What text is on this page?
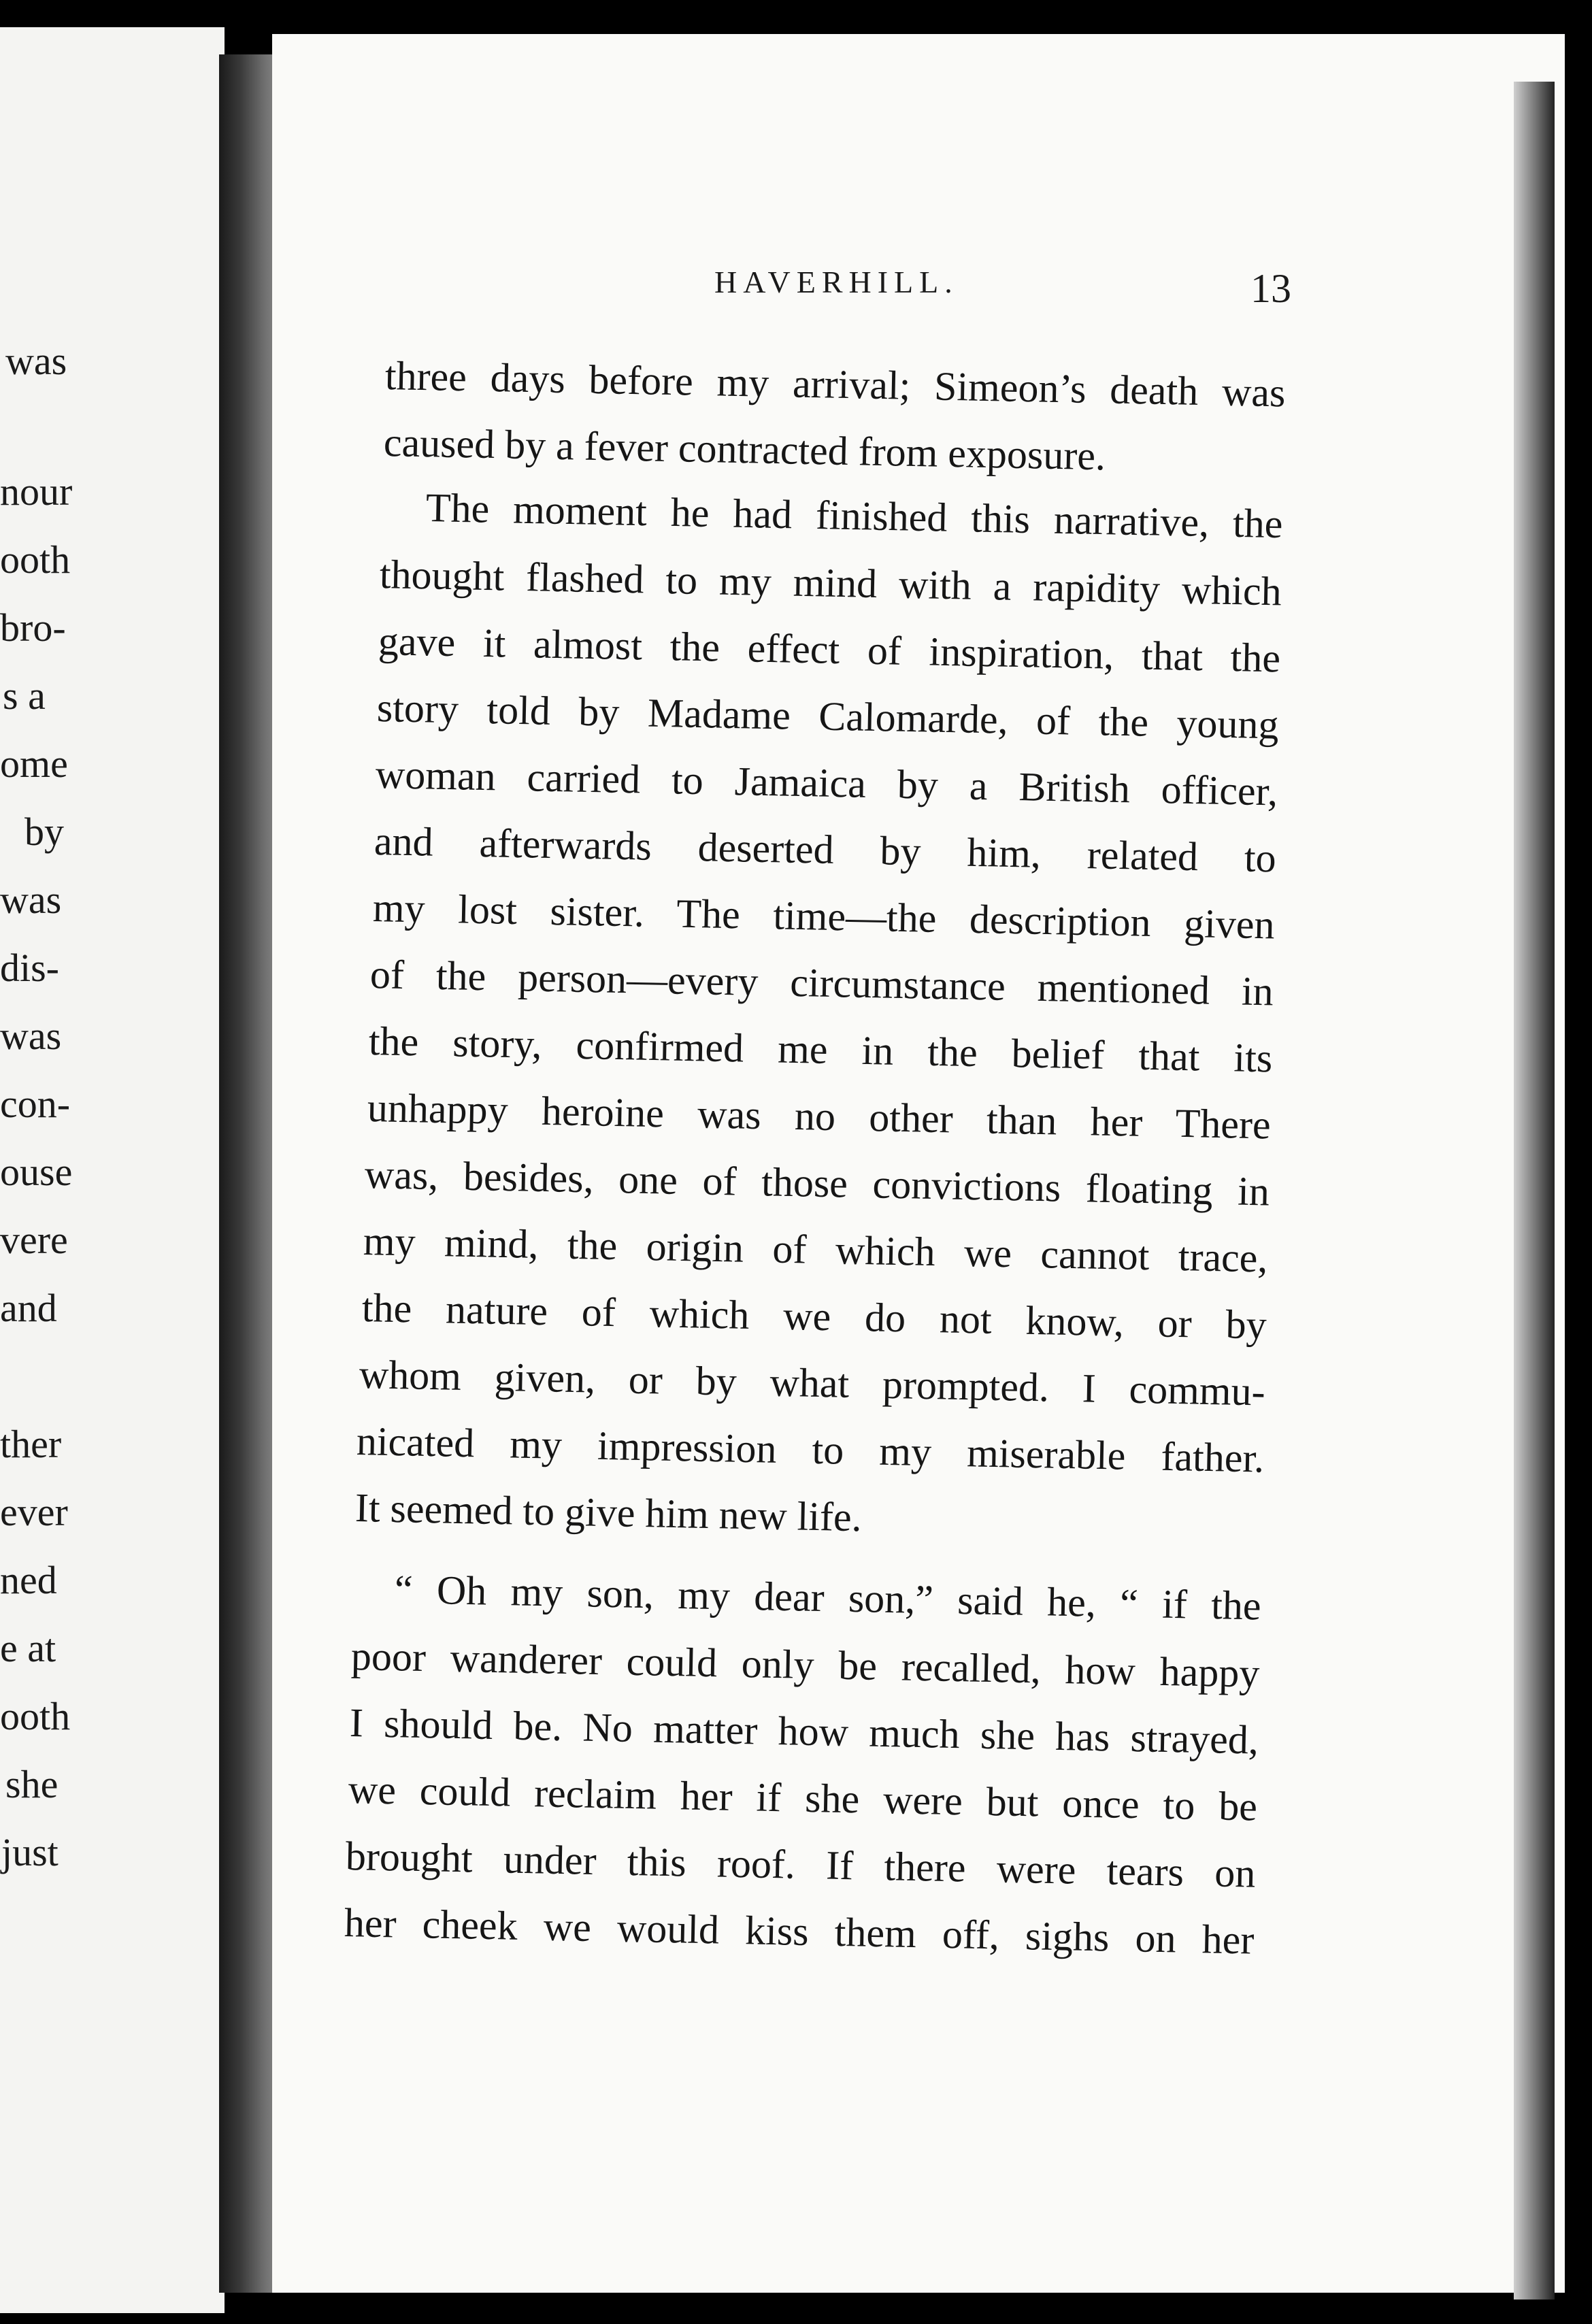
was
nour
ooth
bro-
s a
ome
by
was
dis-
was
con-
ouse
vere
and
ther
ever
ned
e at
ooth
she
just
HAVERHILL.	13
three days before my arrival; Simeon’s death was
caused by a fever contracted from exposure.
The moment he had finished this narrative, the
thought flashed to my mind with a rapidity which
gave it almost the effect of inspiration, that the
story told by Madame Calomarde, of the young
woman carried to Jamaica by a British officer,
and afterwards deserted by him, related to
my lost sister. The time—the description given
of the person—every circumstance mentioned in
the story, confirmed me in the belief that its
unhappy heroine was no other than her There
was, besides, one of those convictions floating in
my mind, the origin of which we cannot trace,
the nature of which we do not know, or by
whom given, or by what prompted. I commu-
nicated my impression to my miserable father.
It seemed to give him new life.
“ Oh my son, my dear son,” said he, “ if the
poor wanderer could only be recalled, how happy
I should be. No matter how much she has strayed,
we could reclaim her if she were but once to be
brought under this roof. If there were tears on
her cheek we would kiss them off, sighs on her
